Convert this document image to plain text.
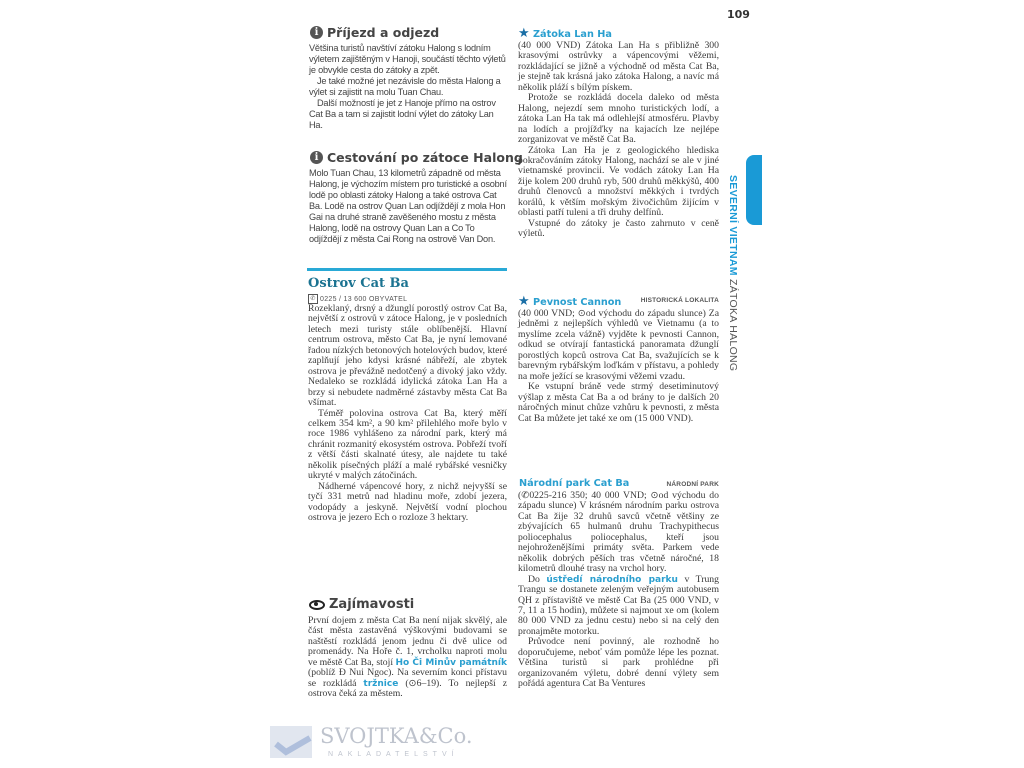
109
SEVERNÍ VIETNAM ZÁTOKA HALONG
i Příjezd a odjezd

Většina turistů navštíví zátoku Halong s lodním výletem zajištěným v Hanoji, součástí těchto výletů je obvykle cesta do zátoky a zpět.

Je také možné jet nezávisle do města Halong a výlet si zajistit na molu Tuan Chau.

Další možností je jet z Hanoje přímo na ostrov Cat Ba a tam si zajistit lodní výlet do zátoky Lan Ha.

i Cestování po zátoce Halong

Molo Tuan Chau, 13 kilometrů západně od města Halong, je výchozím místem pro turistické a osobní lodě po oblasti zátoky Halong a také ostrova Cat Ba. Lodě na ostrov Quan Lan odjíždějí z mola Hon Gai na druhé straně zavěšeného mostu z města Halong, lodě na ostrovy Quan Lan a Co To odjíždějí z města Cai Rong na ostrově Van Don.

Ostrov Cat Ba
✆ 0225 / 13 600 OBYVATEL

Rozeklaný, drsný a džunglí porostlý ostrov Cat Ba, největší z ostrovů v zátoce Halong, je v posledních letech mezi turisty stále oblíbenější. Hlavní centrum ostrova, město Cat Ba, je nyní lemované řadou nízkých betonových hotelových budov, které zaplňují jeho kdysi krásné nábřeží, ale zbytek ostrova je převážně nedotčený a divoký jako vždy. Nedaleko se rozkládá idylická zátoka Lan Ha a brzy si nebudete nadměrné zástavby města Cat Ba všímat.

Téměř polovina ostrova Cat Ba, který měří celkem 354 km², a 90 km² přilehlého moře bylo v roce 1986 vyhlášeno za národní park, který má chránit rozmanitý ekosystém ostrova. Pobřeží tvoří z větší části skalnaté útesy, ale najdete tu také několik písečných pláží a malé rybářské vesničky ukryté v malých zátočinách.

Nádherné vápencové hory, z nichž nejvyšší se tyčí 331 metrů nad hladinu moře, zdobí jezera, vodopády a jeskyně. Největší vodní plochou ostrova je jezero Ech o rozloze 3 hektary.

Zajímavosti

První dojem z města Cat Ba není nijak skvělý, ale část města zastavěná výškovými budovami se naštěstí rozkládá jenom jednu či dvě ulice od promenády. Na Hoře č. 1, vrcholku naproti molu ve městě Cat Ba, stojí Ho Či Minův památník (poblíž Đ Nui Ngoc). Na severním konci přístavu se rozkládá tržnice (⊙6–19). To nejlepší z ostrova čeká za městem.

★ Zátoka Lan Ha

(40 000 VND) Zátoka Lan Ha s přibližně 300 krasovými ostrůvky a vápencovými věžemi, rozkládající se jižně a východně od města Cat Ba, je stejně tak krásná jako zátoka Halong, a navíc má několik pláží s bílým pískem.

Protože se rozkládá docela daleko od města Halong, nejezdí sem mnoho turistických lodí, a zátoka Lan Ha tak má odlehlejší atmosféru. Plavby na lodích a projížďky na kajacích lze nejlépe zorganizovat ve městě Cat Ba.

Zátoka Lan Ha je z geologického hlediska pokračováním zátoky Halong, nachází se ale v jiné vietnamské provincii. Ve vodách zátoky Lan Ha žije kolem 200 druhů ryb, 500 druhů měkkýšů, 400 druhů členovců a množství měkkých i tvrdých korálů, k větším mořským živočichům žijícím v oblasti patří tuleni a tři druhy delfínů.

Vstupné do zátoky je často zahrnuto v ceně výletů.

★ Pevnost Cannon	HISTORICKÁ LOKALITA

(40 000 VND; ⊙od východu do západu slunce) Za jedněmi z nejlepších výhledů ve Vietnamu (a to myslíme zcela vážně) vyjděte k pevnosti Cannon, odkud se otvírají fantastická panoramata džunglí porostlých kopců ostrova Cat Ba, svažujících se k barevným rybářským loďkám v přístavu, a pohledy na moře ježící se krasovými věžemi vzadu.

Ke vstupní bráně vede strmý desetiminutový výšlap z města Cat Ba a od brány to je dalších 20 náročných minut chůze vzhůru k pevnosti, z města Cat Ba můžete jet také xe om (15 000 VND).

Národní park Cat Ba	NÁRODNÍ PARK

(✆0225-216 350; 40 000 VND; ⊙od východu do západu slunce) V krásném národním parku ostrova Cat Ba žije 32 druhů savců včetně většiny ze zbývajících 65 hulmanů druhu Trachypithecus poliocephalus poliocephalus, kteří jsou nejohroženějšími primáty světa. Parkem vede několik dobrých pěších tras včetně náročné, 18 kilometrů dlouhé trasy na vrchol hory.

Do ústředí národního parku v Trung Trangu se dostanete zeleným veřejným autobusem QH z přístaviště ve městě Cat Ba (25 000 VND, v 7, 11 a 15 hodin), můžete si najmout xe om (kolem 80 000 VND za jednu cestu) nebo si na celý den pronajměte motorku.

Průvodce není povinný, ale rozhodně ho doporučujeme, neboť vám pomůže lépe les poznat. Většina turistů si park prohlédne při organizovaném výletu, dobré denní výlety sem pořádá agentura Cat Ba Ventures

SVOJTKA&Co.
NAKLADATELSTVÍ
